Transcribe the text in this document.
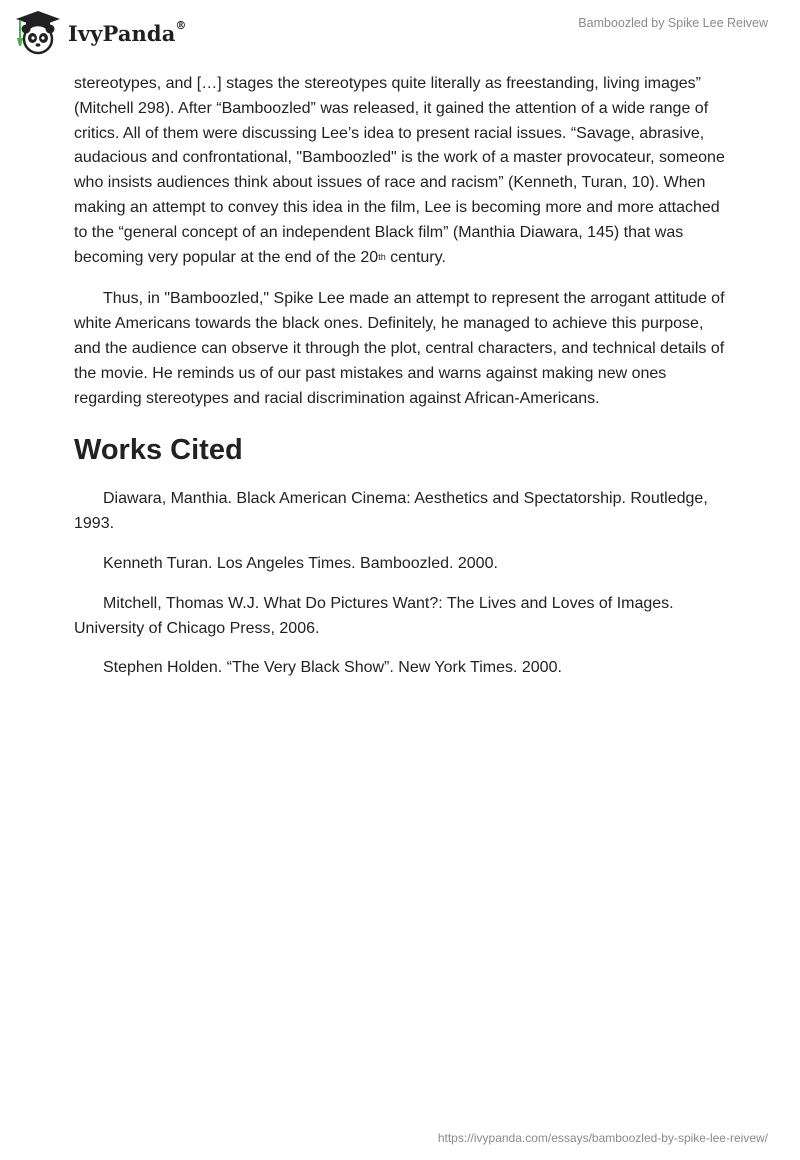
IvyPanda®	Bamboozled by Spike Lee Reivew

stereotypes, and […] stages the stereotypes quite literally as freestanding, living images” (Mitchell 298). After “Bamboozled” was released, it gained the attention of a wide range of critics. All of them were discussing Lee’s idea to present racial issues. “Savage, abrasive, audacious and confrontational, "Bamboozled" is the work of a master provocateur, someone who insists audiences think about issues of race and racism” (Kenneth, Turan, 10). When making an attempt to convey this idea in the film, Lee is becoming more and more attached to the “general concept of an independent Black film” (Manthia Diawara, 145) that was becoming very popular at the end of the 20th century.

Thus, in "Bamboozled," Spike Lee made an attempt to represent the arrogant attitude of white Americans towards the black ones. Definitely, he managed to achieve this purpose, and the audience can observe it through the plot, central characters, and technical details of the movie. He reminds us of our past mistakes and warns against making new ones regarding stereotypes and racial discrimination against African-Americans.

Works Cited

Diawara, Manthia. Black American Cinema: Aesthetics and Spectatorship. Routledge, 1993.

Kenneth Turan. Los Angeles Times. Bamboozled. 2000.

Mitchell, Thomas W.J. What Do Pictures Want?: The Lives and Loves of Images. University of Chicago Press, 2006.

Stephen Holden. “The Very Black Show”. New York Times. 2000.

https://ivypanda.com/essays/bamboozled-by-spike-lee-reivew/
